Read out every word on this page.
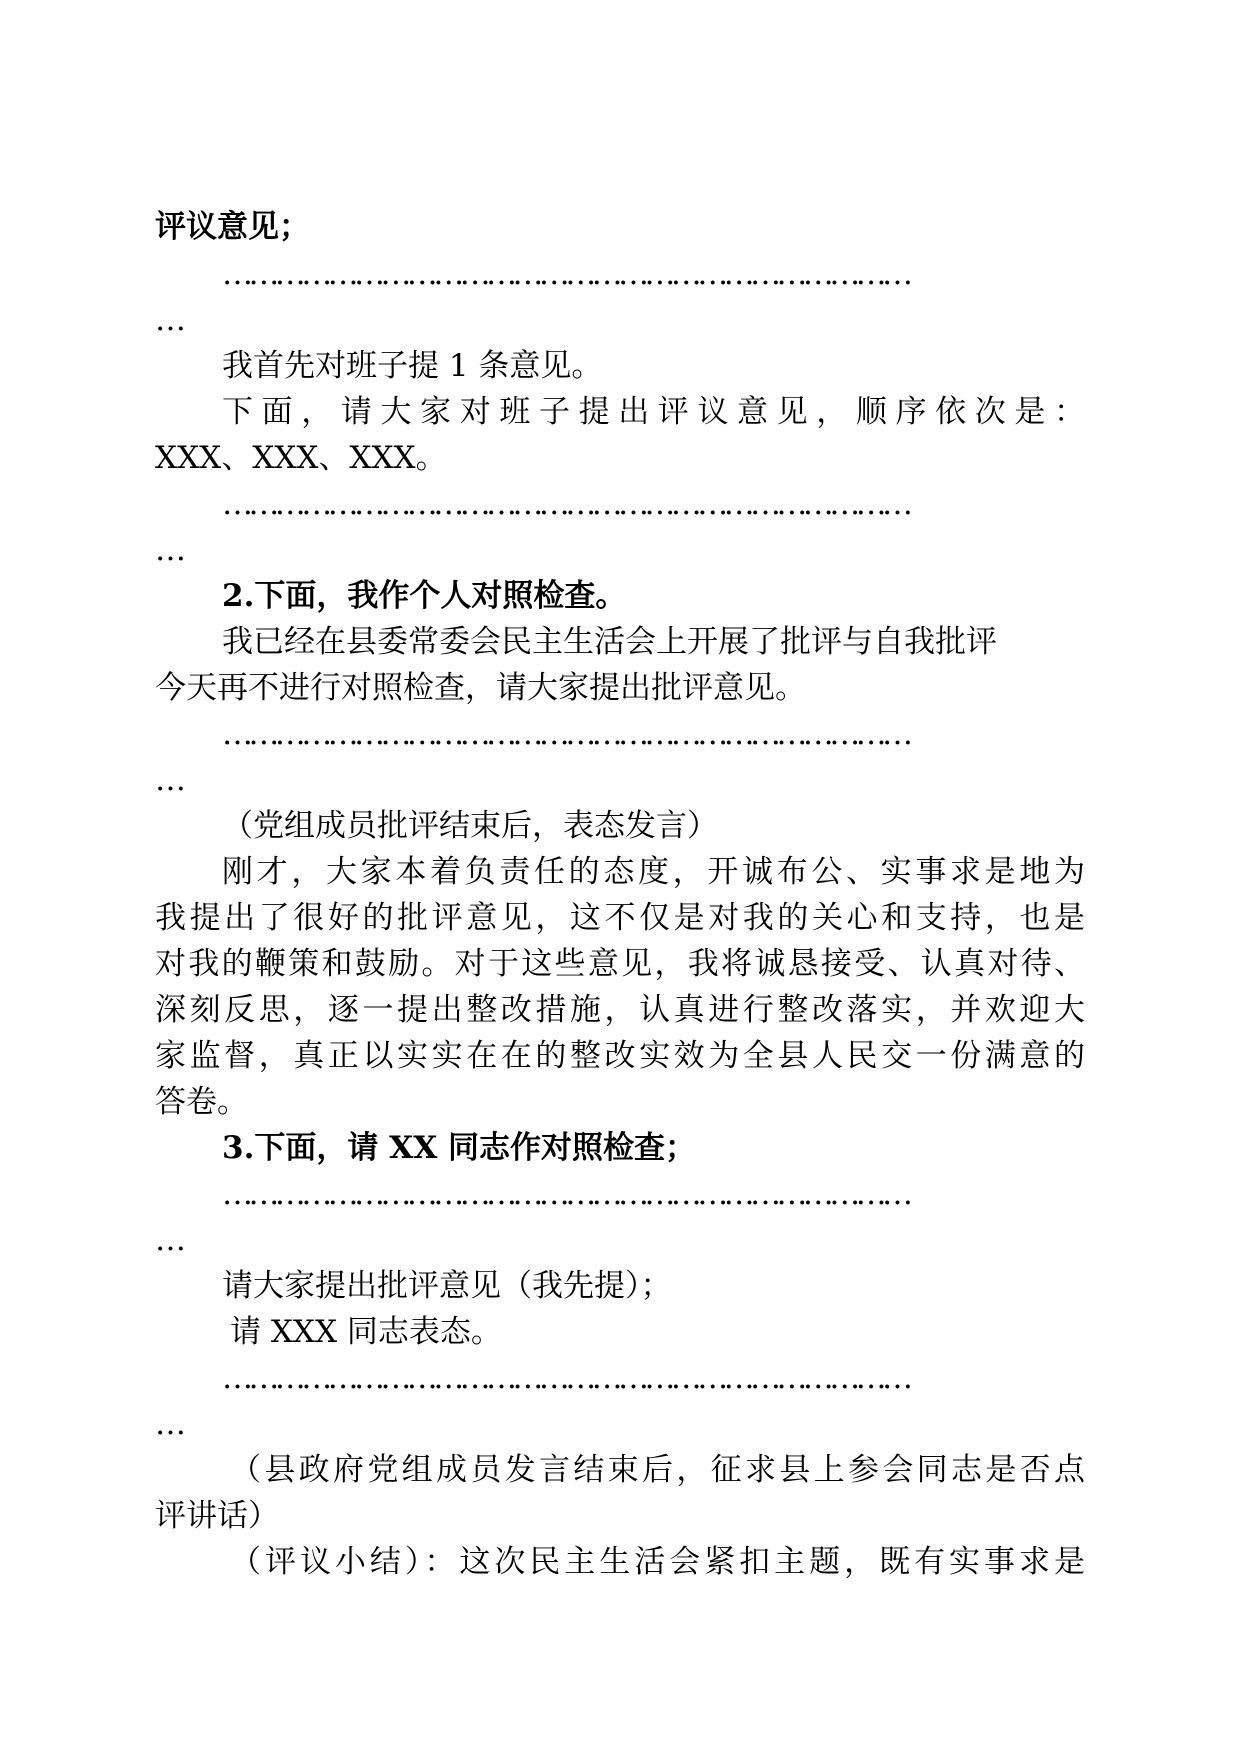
评议意见；
……………………………………………………………………
…
我首先对班子提 1 条意见。
下面，请大家对班子提出评议意见，顺序依次是：
XXX、XXX、XXX。
……………………………………………………………………
…
2.下面，我作个人对照检查。
我已经在县委常委会民主生活会上开展了批评与自我批评
今天再不进行对照检查，请大家提出批评意见。
……………………………………………………………………
…
（党组成员批评结束后，表态发言）
刚才，大家本着负责任的态度，开诚布公、实事求是地为
我提出了很好的批评意见，这不仅是对我的关心和支持，也是
对我的鞭策和鼓励。对于这些意见，我将诚恳接受、认真对待、
深刻反思，逐一提出整改措施，认真进行整改落实，并欢迎大
家监督，真正以实实在在的整改实效为全县人民交一份满意的
答卷。
3.下面，请 XX 同志作对照检查；
……………………………………………………………………
…
请大家提出批评意见（我先提）；
请 XXX 同志表态。
……………………………………………………………………
…
（县政府党组成员发言结束后，征求县上参会同志是否点
评讲话）
（评议小结）：这次民主生活会紧扣主题，既有实事求是
